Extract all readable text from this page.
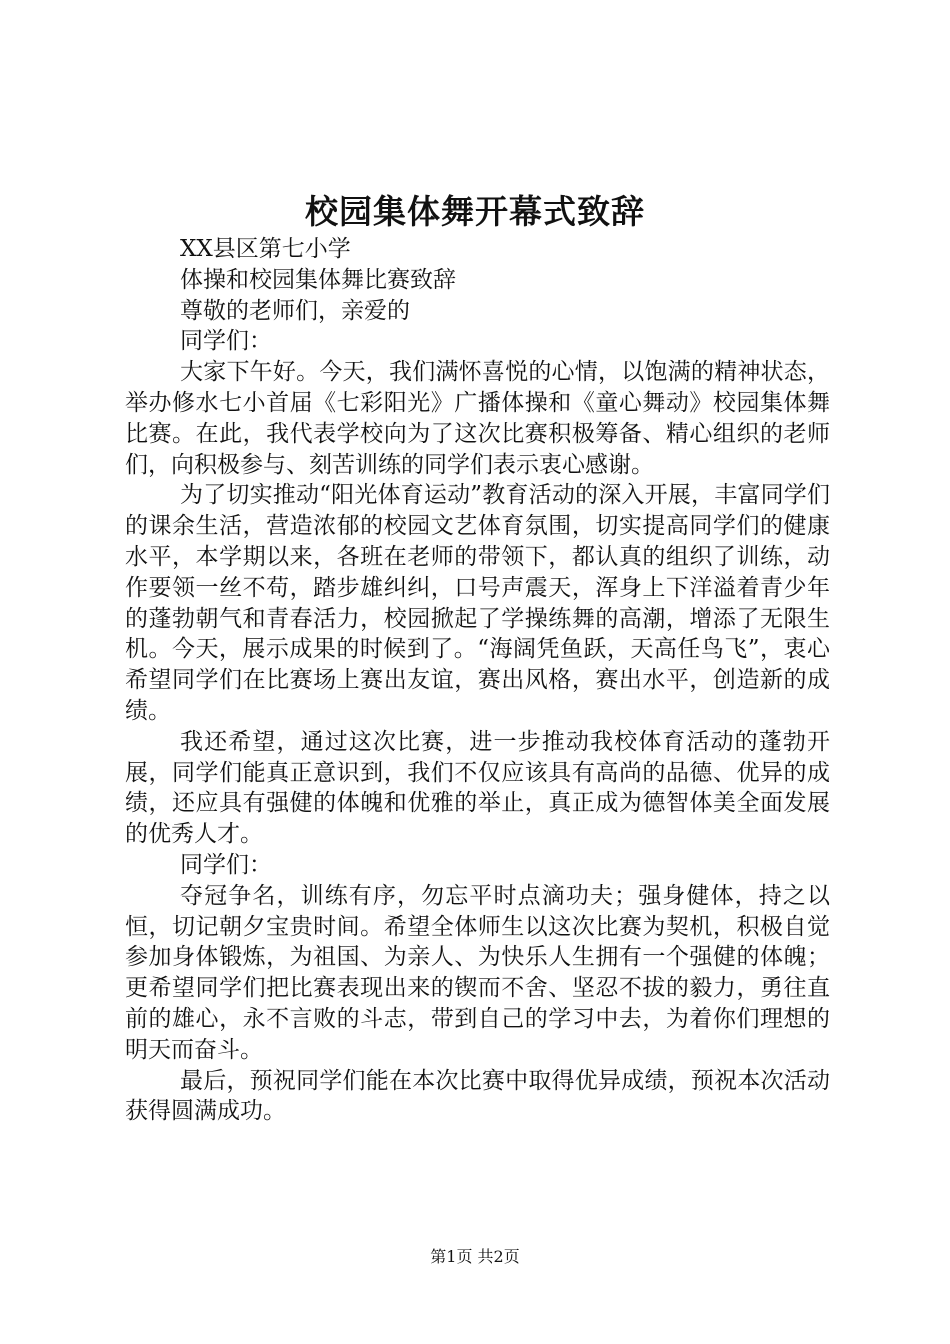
校园集体舞开幕式致辞

XX县区第七小学

体操和校园集体舞比赛致辞

尊敬的老师们，亲爱的

同学们：

大家下午好。今天，我们满怀喜悦的心情，以饱满的精神状态，举办修水七小首届《七彩阳光》广播体操和《童心舞动》校园集体舞比赛。在此，我代表学校向为了这次比赛积极筹备、精心组织的老师们，向积极参与、刻苦训练的同学们表示衷心感谢。

为了切实推动“阳光体育运动”教育活动的深入开展，丰富同学们的课余生活，营造浓郁的校园文艺体育氛围，切实提高同学们的健康水平，本学期以来，各班在老师的带领下，都认真的组织了训练，动作要领一丝不苟，踏步雄纠纠，口号声震天，浑身上下洋溢着青少年的蓬勃朝气和青春活力，校园掀起了学操练舞的高潮，增添了无限生机。今天，展示成果的时候到了。“海阔凭鱼跃，天高任鸟飞”，衷心希望同学们在比赛场上赛出友谊，赛出风格，赛出水平，创造新的成绩。

我还希望，通过这次比赛，进一步推动我校体育活动的蓬勃开展，同学们能真正意识到，我们不仅应该具有高尚的品德、优异的成绩，还应具有强健的体魄和优雅的举止，真正成为德智体美全面发展的优秀人才。

同学们：

夺冠争名，训练有序，勿忘平时点滴功夫；强身健体，持之以恒，切记朝夕宝贵时间。希望全体师生以这次比赛为契机，积极自觉参加身体锻炼，为祖国、为亲人、为快乐人生拥有一个强健的体魄；更希望同学们把比赛表现出来的锲而不舍、坚忍不拔的毅力，勇往直前的雄心，永不言败的斗志，带到自己的学习中去，为着你们理想的明天而奋斗。

最后，预祝同学们能在本次比赛中取得优异成绩，预祝本次活动获得圆满成功。

第1页 共2页
